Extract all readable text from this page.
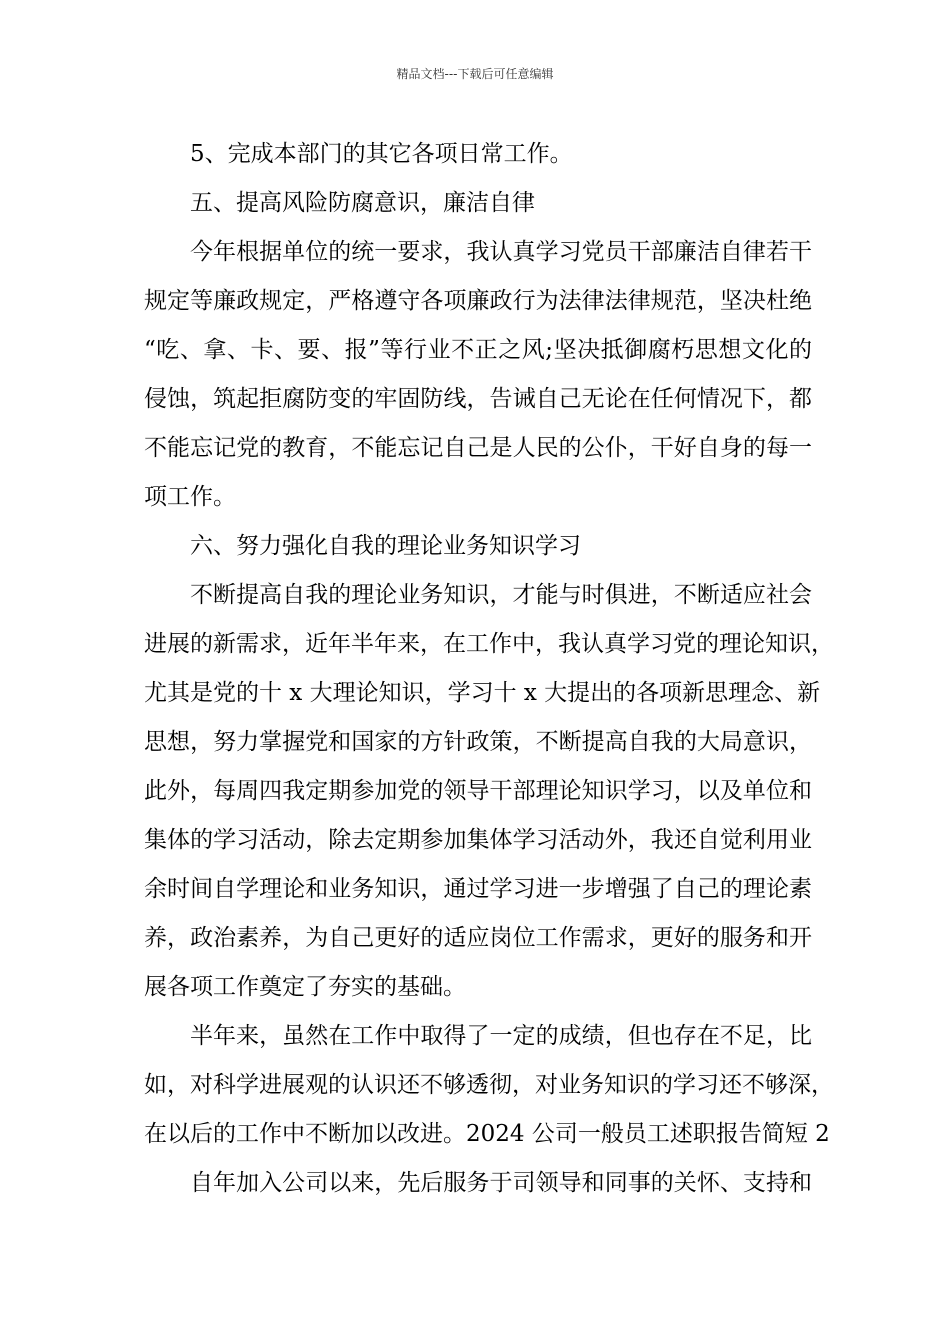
精品文档---下载后可任意编辑
5、完成本部门的其它各项日常工作。
五、提高风险防腐意识，廉洁自律
今年根据单位的统一要求，我认真学习党员干部廉洁自律若干
规定等廉政规定，严格遵守各项廉政行为法律法律规范，坚决杜绝
“吃、拿、卡、要、报”等行业不正之风;坚决抵御腐朽思想文化的
侵蚀，筑起拒腐防变的牢固防线，告诫自己无论在任何情况下，都
不能忘记党的教育，不能忘记自己是人民的公仆，干好自身的每一
项工作。
六、努力强化自我的理论业务知识学习
不断提高自我的理论业务知识，才能与时俱进，不断适应社会
进展的新需求，近年半年来，在工作中，我认真学习党的理论知识，
尤其是党的十 x 大理论知识，学习十 x 大提出的各项新思理念、新
思想，努力掌握党和国家的方针政策，不断提高自我的大局意识，
此外，每周四我定期参加党的领导干部理论知识学习，以及单位和
集体的学习活动，除去定期参加集体学习活动外，我还自觉利用业
余时间自学理论和业务知识，通过学习进一步增强了自己的理论素
养，政治素养，为自己更好的适应岗位工作需求，更好的服务和开
展各项工作奠定了夯实的基础。
半年来，虽然在工作中取得了一定的成绩，但也存在不足，比
如，对科学进展观的认识还不够透彻，对业务知识的学习还不够深，
在以后的工作中不断加以改进。2024 公司一般员工述职报告简短 2
自年加入公司以来，先后服务于司领导和同事的关怀、支持和
